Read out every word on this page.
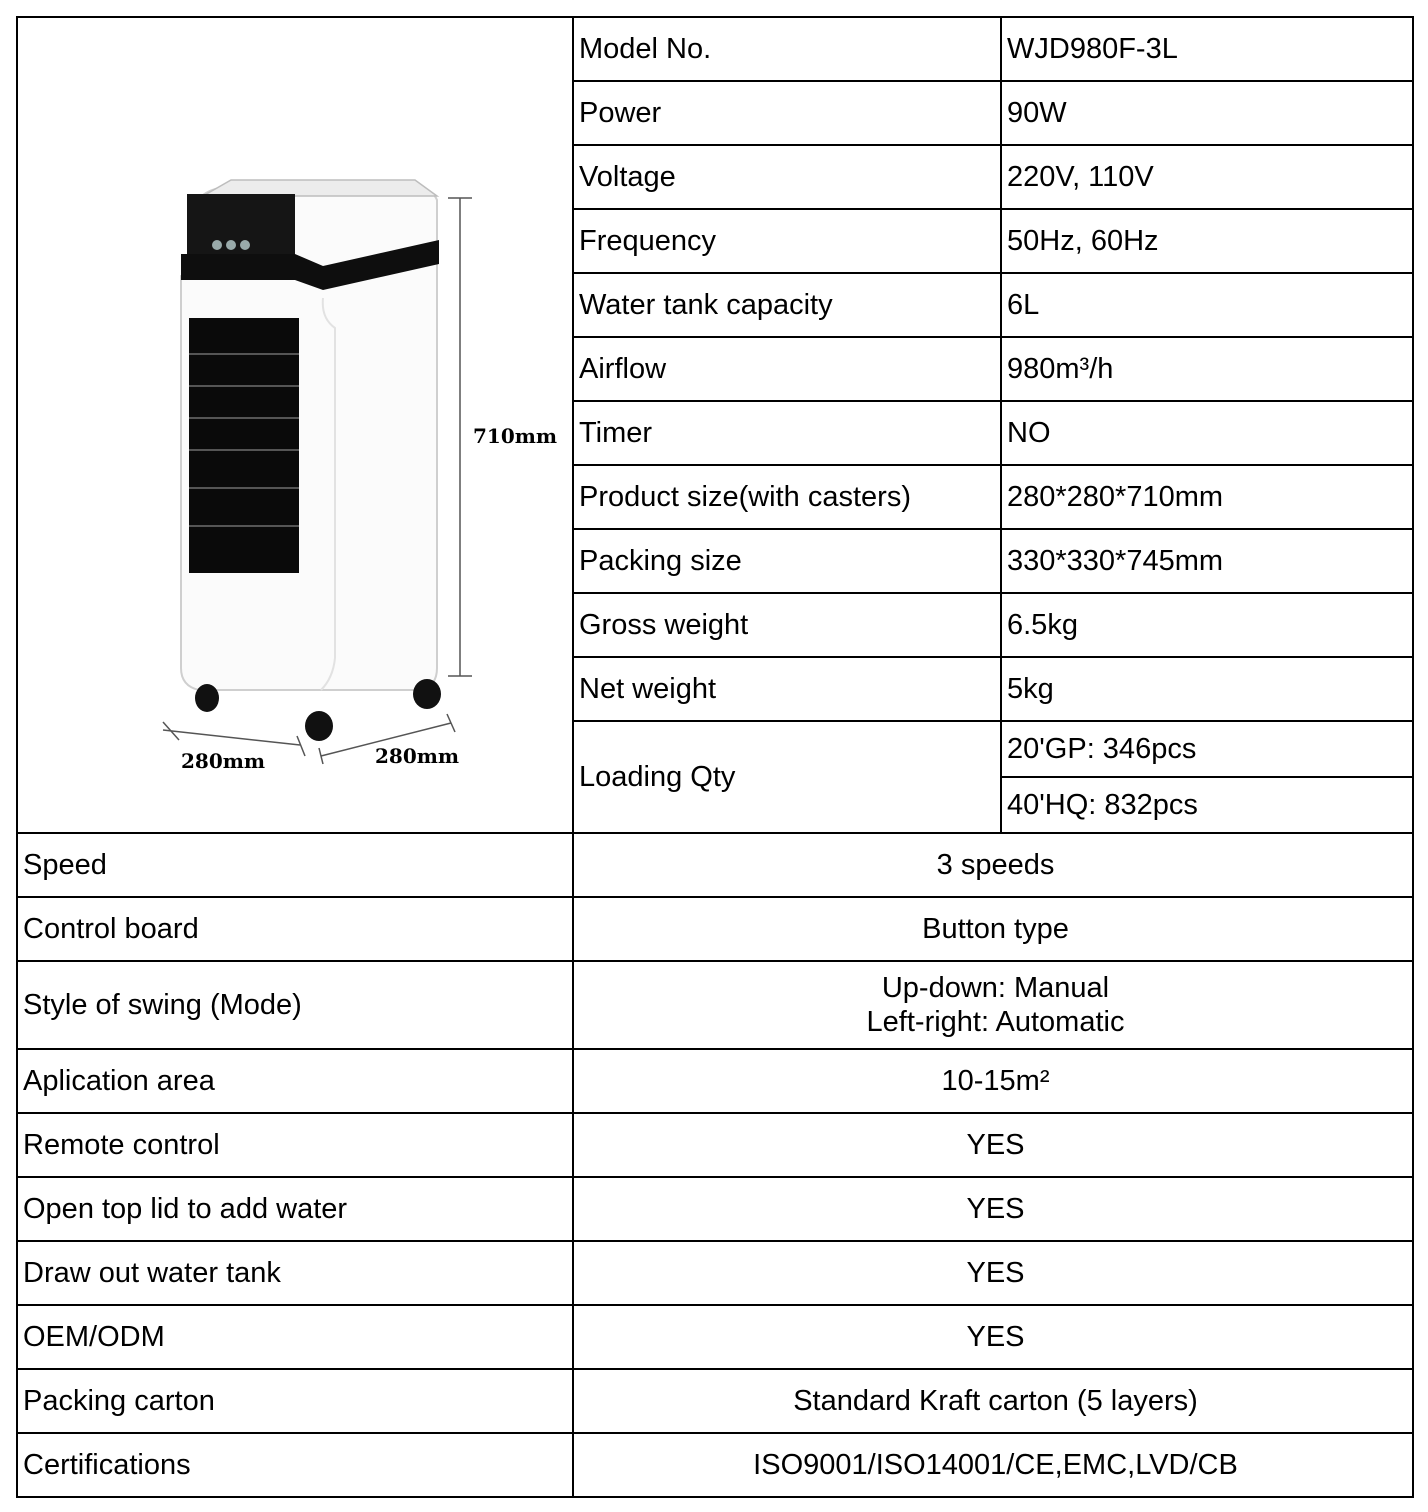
710mm
280mm 280mm	Model No.	WJD980F-3L
	Power	90W
	Voltage	220V, 110V
	Frequency	50Hz, 60Hz
	Water tank capacity	6L
	Airflow	980m³/h
	Timer	NO
	Product size(with casters)	280*280*710mm
	Packing size	330*330*745mm
	Gross weight	6.5kg
	Net weight	5kg
	Loading Qty	20'GP: 346pcs
		40'HQ: 832pcs
Speed	3 speeds	
Control board	Button type	
Style of swing (Mode)	Up-down: Manual
Left-right: Automatic	

Aplication area	10-15m²	
Remote control	YES	
Open top lid to add water	YES	
Draw out water tank	YES	
OEM/ODM	YES	
Packing carton	Standard Kraft carton (5 layers)	
Certifications	ISO9001/ISO14001/CE,EMC,LVD/CB	
